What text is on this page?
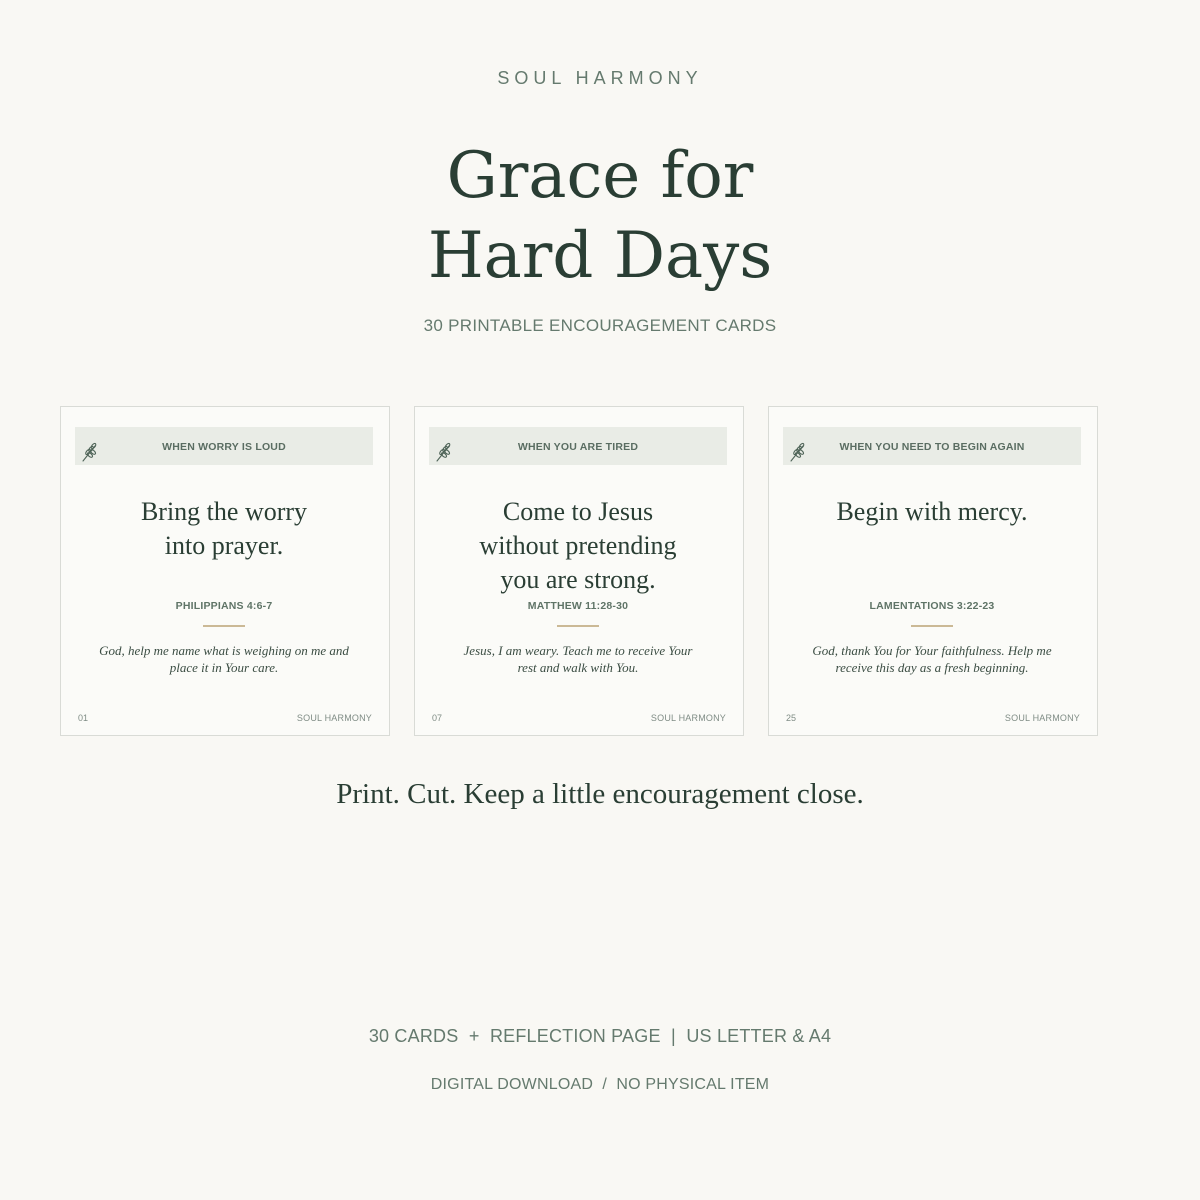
SOUL HARMONY
Grace for
Hard Days
30 PRINTABLE ENCOURAGEMENT CARDS
WHEN WORRY IS LOUD
Bring the worry
into prayer.
PHILIPPIANS 4:6-7
God, help me name what is weighing on me and
place it in Your care.
01	SOUL HARMONY
WHEN YOU ARE TIRED
Come to Jesus
without pretending
you are strong.
MATTHEW 11:28-30
Jesus, I am weary. Teach me to receive Your
rest and walk with You.
07	SOUL HARMONY
WHEN YOU NEED TO BEGIN AGAIN
Begin with mercy.
LAMENTATIONS 3:22-23
God, thank You for Your faithfulness. Help me
receive this day as a fresh beginning.
25	SOUL HARMONY
Print. Cut. Keep a little encouragement close.
30 CARDS  +  REFLECTION PAGE  |  US LETTER & A4
DIGITAL DOWNLOAD  /  NO PHYSICAL ITEM
